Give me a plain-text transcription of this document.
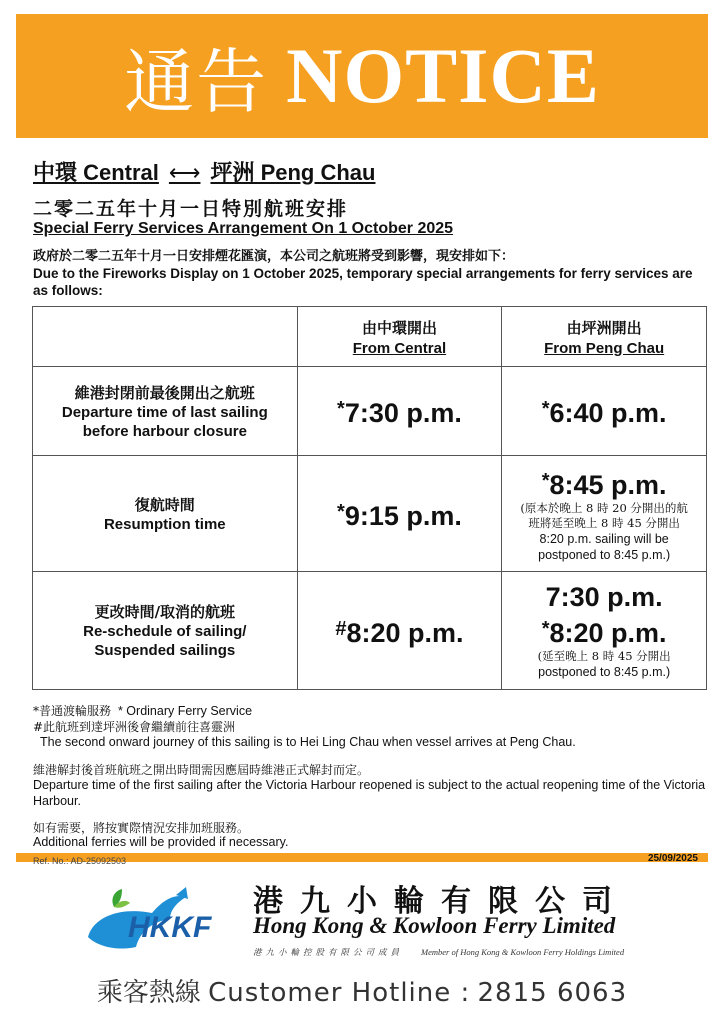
通告 NOTICE
中環 Central ⟷ 坪洲 Peng Chau
二零二五年十月一日特別航班安排
Special Ferry Services Arrangement On 1 October 2025
政府於二零二五年十月一日安排煙花匯演，本公司之航班將受到影響，現安排如下：
Due to the Fireworks Display on 1 October 2025, temporary special arrangements for ferry services are as follows:

	由中環開出
From Central	由坪洲開出
From Peng Chau

維港封閉前最後開出之航班
Departure time of last sailing
before harbour closure	*7:30 p.m.	*6:40 p.m.

復航時間
Resumption time	*9:15 p.m.	*8:45 p.m.
(原本於晚上 8 時 20 分開出的航
班將延至晚上 8 時 45 分開出
8:20 p.m. sailing will be
postponed to 8:45 p.m.)

更改時間/取消的航班
Re-schedule of sailing/
Suspended sailings	#8:20 p.m.	7:30 p.m.
*8:20 p.m.
(延至晚上 8 時 45 分開出
postponed to 8:45 p.m.)
*普通渡輪服務 * Ordinary Ferry Service
#此航班到達坪洲後會繼續前往喜靈洲
The second onward journey of this sailing is to Hei Ling Chau when vessel arrives at Peng Chau.
維港解封後首班航班之開出時間需因應屆時維港正式解封而定。
Departure time of the first sailing after the Victoria Harbour reopened is subject to the actual reopening time of the Victoria Harbour.
如有需要，將按實際情況安排加班服務。
Additional ferries will be provided if necessary.
Ref. No.: AD-25092503	25/09/2025
HKKF
港九小輪有限公司
Hong Kong & Kowloon Ferry Limited
港九小輪控股有限公司成員 Member of Hong Kong & Kowloon Ferry Holdings Limited
乘客熱線 Customer Hotline : 2815 6063
